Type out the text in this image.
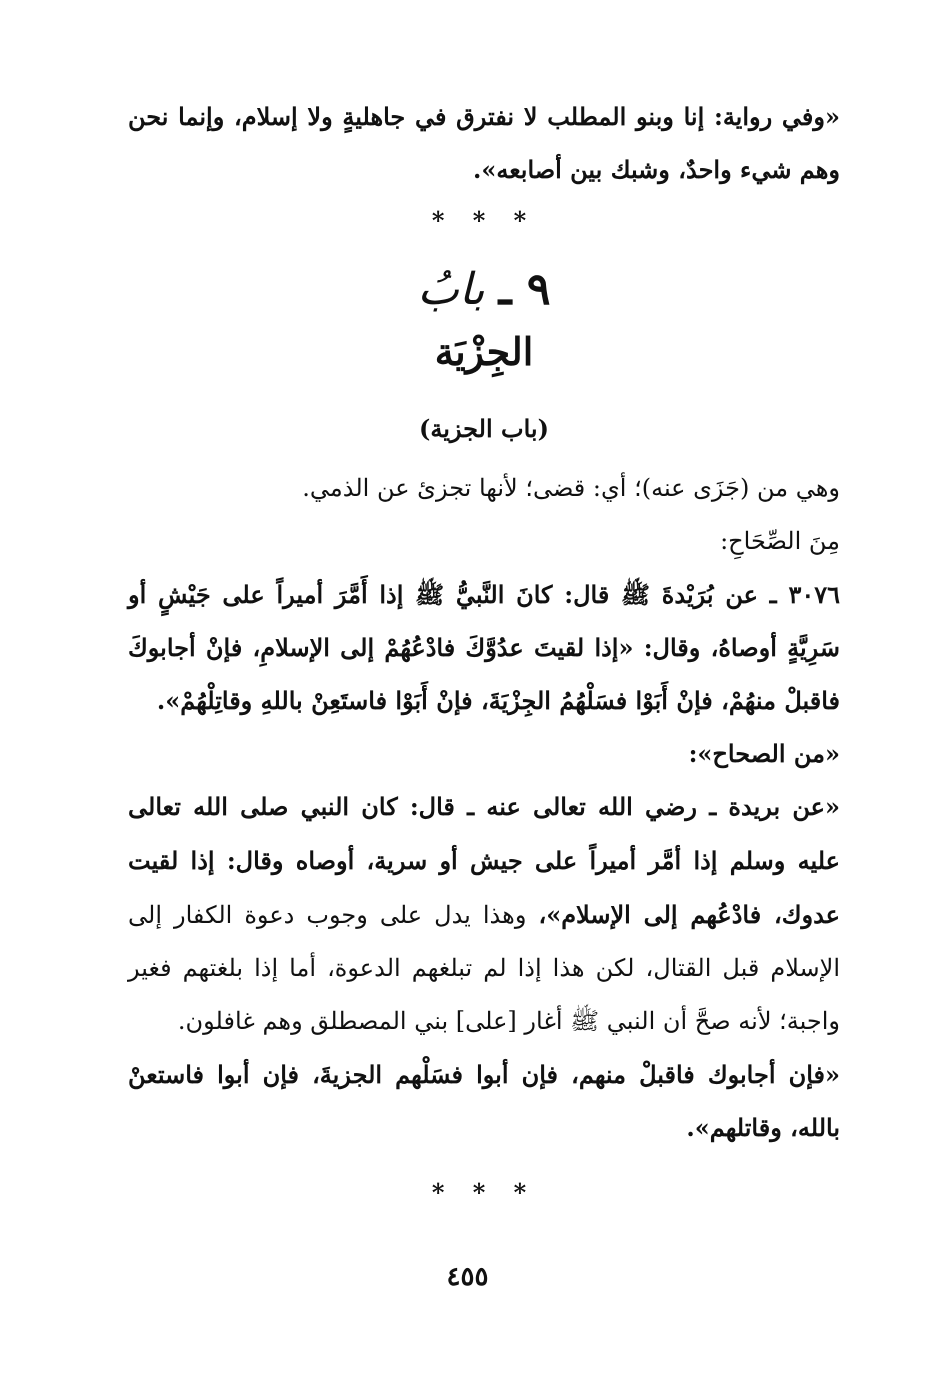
«وفي رواية: إنا وبنو المطلب لا نفترق في جاهليةٍ ولا إسلام، وإنما نحن وهم شيء واحدٌ، وشبك بين أصابعه».

* * *
٩ ـ بابُ
الجِزْيَة
(باب الجزية)

وهي من (جَزَى عنه)؛ أي: قضى؛ لأنها تجزئ عن الذمي.

مِنَ الصِّحَاحِ:

٣٠٧٦ ـ عن بُرَيْدةَ ﷺ قال: كانَ النَّبيُّ ﷺ إذا أَمَّرَ أميراً على جَيْشٍ أو سَرِيَّةٍ أوصاهُ، وقال: «إذا لقيتَ عدُوَّكَ فادْعُهُمْ إلى الإسلامِ، فإنْ أجابوكَ فاقبلْ منهُمْ، فإنْ أَبَوْا فسَلْهُمُ الجِزْيَةَ، فإنْ أَبَوْا فاستَعِنْ باللهِ وقاتِلْهُمْ».

«من الصحاح»:

«عن بريدة ـ رضي الله تعالى عنه ـ قال: كان النبي صلى الله تعالى عليه وسلم إذا أمَّر أميراً على جيش أو سرية، أوصاه وقال: إذا لقيت عدوك، فادْعُهم إلى الإسلام»، وهذا يدل على وجوب دعوة الكفار إلى الإسلام قبل القتال، لكن هذا إذا لم تبلغهم الدعوة، أما إذا بلغتهم فغير واجبة؛ لأنه صحَّ أن النبي ﷺ أغار [على] بني المصطلق وهم غافلون.

«فإن أجابوك فاقبلْ منهم، فإن أبوا فسَلْهم الجزيةَ، فإن أبوا فاستعنْ بالله، وقاتلهم».

* * *
٤٥٥
